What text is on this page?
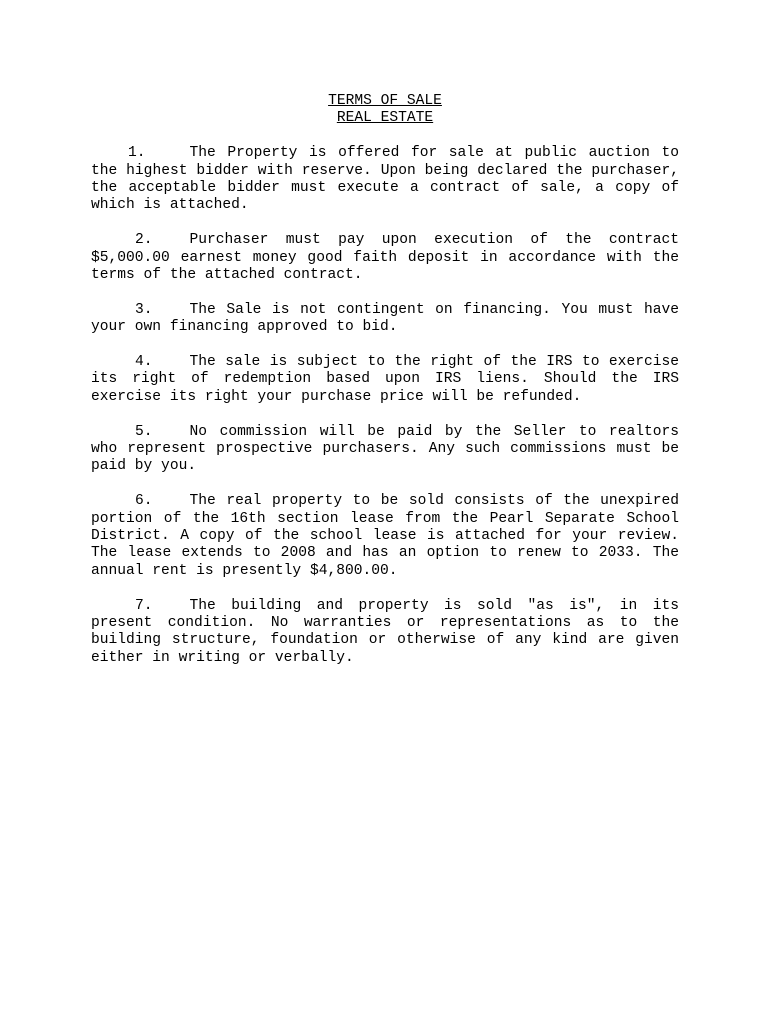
TERMS OF SALE

REAL ESTATE

1.	The Property is offered for sale at public auction to the highest bidder with reserve. Upon being declared the purchaser, the acceptable bidder must execute a contract of sale, a copy of which is attached.

2.	Purchaser must pay upon execution of the contract $5,000.00 earnest money good faith deposit in accordance with the terms of the attached contract.

3.	The Sale is not contingent on financing. You must have your own financing approved to bid.

4.	The sale is subject to the right of the IRS to exercise its right of redemption based upon IRS liens. Should the IRS exercise its right your purchase price will be refunded.

5.	No commission will be paid by the Seller to realtors who represent prospective purchasers. Any such commissions must be paid by you.

6.	The real property to be sold consists of the unexpired portion of the 16th section lease from the Pearl Separate School District. A copy of the school lease is attached for your review. The lease extends to 2008 and has an option to renew to 2033. The annual rent is presently $4,800.00.

7.	The building and property is sold "as is", in its present condition. No warranties or representations as to the building structure, foundation or otherwise of any kind are given either in writing or verbally.
